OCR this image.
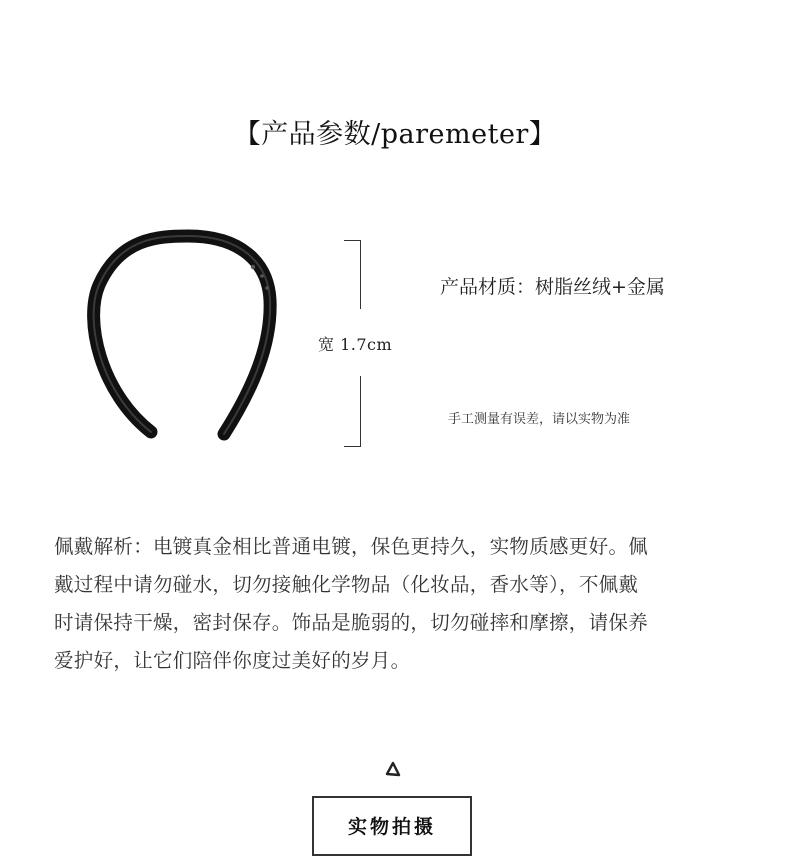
【产品参数/paremeter】
宽 1.7cm
产品材质：树脂丝绒+金属
手工测量有误差，请以实物为准
佩戴解析：电镀真金相比普通电镀，保色更持久，实物质感更好。佩
戴过程中请勿碰水，切勿接触化学物品（化妆品，香水等），不佩戴
时请保持干燥，密封保存。饰品是脆弱的，切勿碰摔和摩擦，请保养
爱护好，让它们陪伴你度过美好的岁月。
实物拍摄
